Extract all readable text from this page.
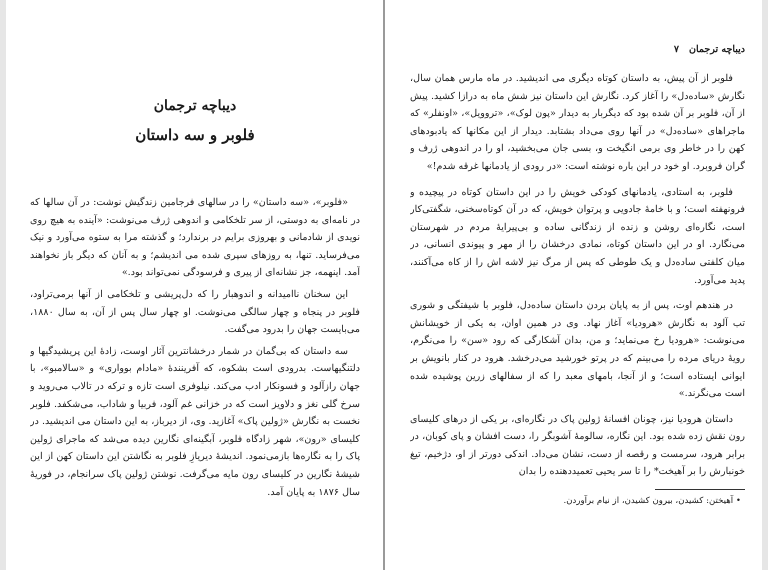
دیباچه ترجمان
فلوبر و سه داستان

«فلوبر»، «سه داستان» را در سالهای فرجامین زندگیش نوشت: در آن سالها که در نامه‌ای به دوستی، از سر تلخکامی و اندوهی ژرف می‌نوشت: «آینده به هیچ روی نویدی از شادمانی و بهروزی برایم در برندارد؛ و گذشته مرا به ستوه می‌آورد و نیک می‌فرساید. تنها، به روزهای سپری شده می اندیشم؛ و به آنان که دیگر باز نخواهند آمد. اینهمه، جز نشانه‌ای از پیری و فرسودگی نمی‌تواند بود.»

این سخنان ناامیدانه و اندوهبار را که دل‌پریشی و تلخکامی از آنها برمی‌تراود، فلوبر در پنجاه و چهار سالگی می‌نوشت. او چهار سال پس از آن، به سال ۱۸۸۰، می‌بایست جهان را بدرود می‌گفت.

سه داستان که بی‌گمان در شمار درخشانترین آثار اوست، زادهٔ این پریشیدگیها و دلتنگیهاست. بدرودی است بشکوه، که آفرینندهٔ «مادام بوواری» و «سالامبو»، با جهان رازآلود و فسونکار ادب می‌کند. نیلوفری است تازه و ترکه در تالاب می‌روید و سرخ گلی نغز و دلاویز است که در خزانی غم آلود، فربیا و شاداب، می‌شکفد. فلوبر نخست به نگارش «ژولین پاک» آغازید. وی، از دیرباز، به این داستان می اندیشید. در کلیسای «رون»، شهر زادگاه فلوبر، آبگینه‌ای نگارین دیده می‌شد که ماجرای ژولین پاک را به نگاره‌ها بازمی‌نمود. اندیشهٔ دیریازِ فلوبر به نگاشتن این داستان کهن از این شیشهٔ نگارین در کلیسای رون مایه می‌گرفت. نوشتن ژولین پاک سرانجام، در فوریهٔ سال ۱۸۷۶ به پایان آمد.

دیباچه ترجمان
۷

فلوبر از آن پیش، به داستان کوتاه دیگری می اندیشید. در ماه مارس همان سال، نگارش «ساده‌دل» را آغاز کرد. نگارش این داستان نیز شش ماه به درازا کشید. پیش از آن، فلوبر بر آن شده بود که دیگربار به دیدار «پون لوک»، «تروویل»، «اونفلر» که ماجراهای «ساده‌دل» در آنها روی می‌داد بشتابد. دیدار از این مکانها که یادبودهای کهن را در خاطر وی برمی انگیخت و، بسی جان می‌بخشید، او را در اندوهی ژرف و گران فروبرد. او خود در این باره نوشته است: «در رودی از یادمانها غرقه شدم!»

فلوبر، به استادی، یادمانهای کودکی خویش را در این داستان کوتاه در پیچیده و فرونهفته است؛ و با خامهٔ جادویی و پرتوان خویش، که در آن کوتاه‌سخنی، شگفتی‌کار است، نگاره‌ای روشن و زنده از زندگانی ساده و بی‌پیرایهٔ مردم در شهرستان می‌نگارد. او در این داستان کوتاه، نمادی درخشان را از مهر و پیوندی انسانی، در میان کلفتی ساده‌دل و یک طوطی که پس از مرگ نیز لاشه اش را از کاه می‌آکنند، پدید می‌آورد.

در هندهم اوت، پس از به پایان بردن داستان ساده‌دل، فلوبر با شیفتگی و شوری تب آلود به نگارش «هرودیا» آغاز نهاد. وی در همین اوان، به یکی از خویشانش می‌نوشت: «هرودیا رخ می‌نماید؛ و من، بدان آشکارگی که رود «سن» را می‌نگرم، رویهٔ دریای مرده را می‌بینم که در پرتو خورشید می‌درخشد. هرود در کنار بانویش بر ایوانی ایستاده است؛ و از آنجا، بامهای معبد را که از سفالهای زرین پوشیده شده است می‌نگرند.»

داستان هرودیا نیز، چونان افسانهٔ ژولین پاک در نگاره‌ای، بر یکی از درهای کلیسای رون نقش زده شده بود. این نگاره، سالومهٔ آشوبگر را، دست افشان و پای کوبان، در برابر هرود، سرمست و رقصه از دست، نشان می‌داد. اندکی دورتر از او، دژخیم، تیغ خونبارش را بر آهیخت* را تا سر یحیی تعمیددهنده را بدان

• آهیختن: کشیدن، بیرون کشیدن، از نیام برآوردن.
